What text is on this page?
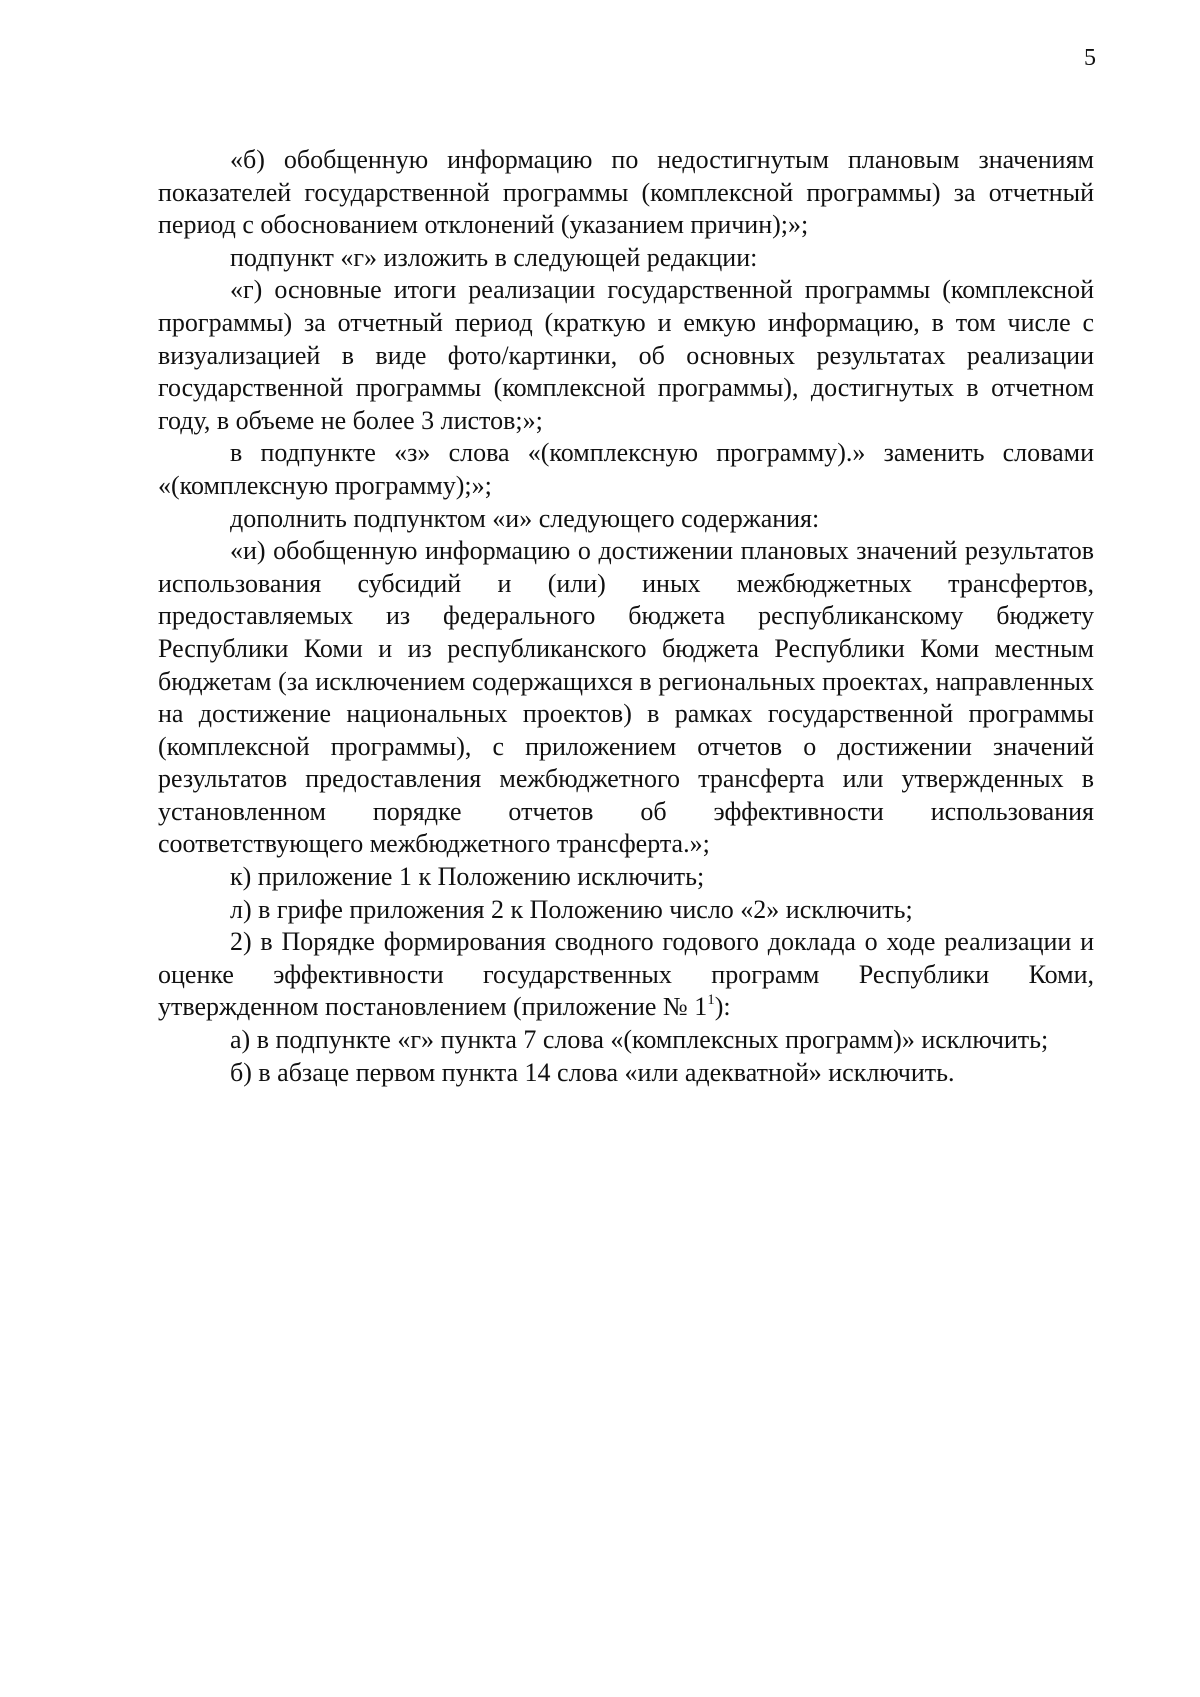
5

«б) обобщенную информацию по недостигнутым плановым значениям показателей государственной программы (комплексной программы) за отчетный период с обоснованием отклонений (указанием причин);»;

подпункт «г» изложить в следующей редакции:

«г) основные итоги реализации государственной программы (комплексной программы) за отчетный период (краткую и емкую информацию, в том числе с визуализацией в виде фото/картинки, об основных результатах реализации государственной программы (комплексной программы), достигнутых в отчетном году, в объеме не более 3 листов;»;

в подпункте «з» слова «(комплексную программу).» заменить словами «(комплексную программу);»;

дополнить подпунктом «и» следующего содержания:

«и) обобщенную информацию о достижении плановых значений результатов использования субсидий и (или) иных межбюджетных трансфертов, предоставляемых из федерального бюджета республиканскому бюджету Республики Коми и из республиканского бюджета Республики Коми местным бюджетам (за исключением содержащихся в региональных проектах, направленных на достижение национальных проектов) в рамках государственной программы (комплексной программы), с приложением отчетов о достижении значений результатов предоставления межбюджетного трансферта или утвержденных в установленном порядке отчетов об эффективности использования соответствующего межбюджетного трансферта.»;

к) приложение 1 к Положению исключить;

л) в грифе приложения 2 к Положению число «2» исключить;

2) в Порядке формирования сводного годового доклада о ходе реализации и оценке эффективности государственных программ Республики Коми, утвержденном постановлением (приложение № $1^1$):

а) в подпункте «г» пункта 7 слова «(комплексных программ)» исключить;

б) в абзаце первом пункта 14 слова «или адекватной» исключить.
